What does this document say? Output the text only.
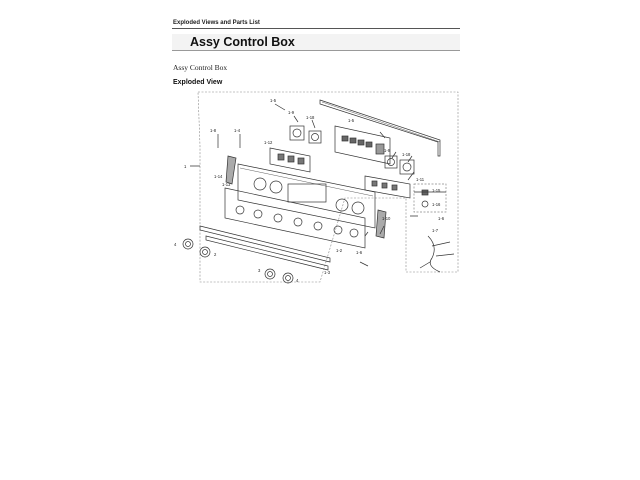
Exploded Views and Parts List
Assy Control Box
Assy Control Box
Exploded View
1
1-8	1-4
1-5
1-9
1-18
1-5
1-9
1-18
1-14
1-13
1-12
1-11
1-15
1-16
1-6
1-10
1-6
1-2
1-3
1-7
4
2
3
4
